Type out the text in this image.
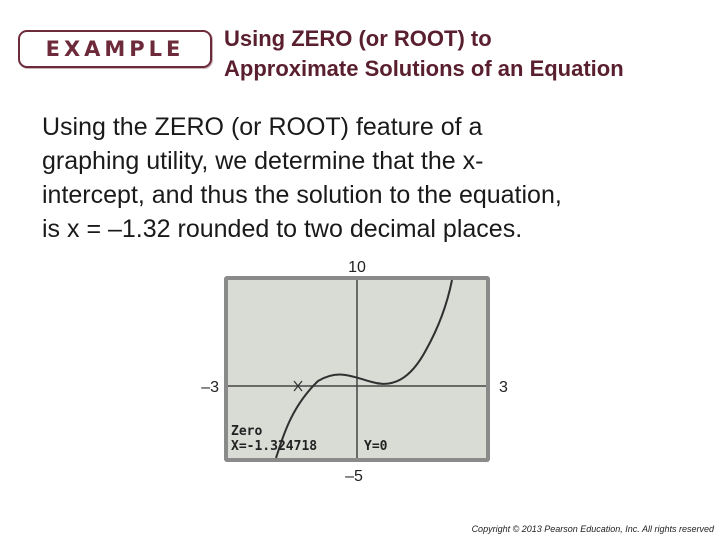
EXAMPLE Using ZERO (or ROOT) to
Approximate Solutions of an Equation
Using the ZERO (or ROOT) feature of a
graphing utility, we determine that the x-
intercept, and thus the solution to the equation,
is x = –1.32 rounded to two decimal places.
10
–3	3
Zero
X=-1.324718	Y=0
–5
Copyright © 2013 Pearson Education, Inc. All rights reserved
